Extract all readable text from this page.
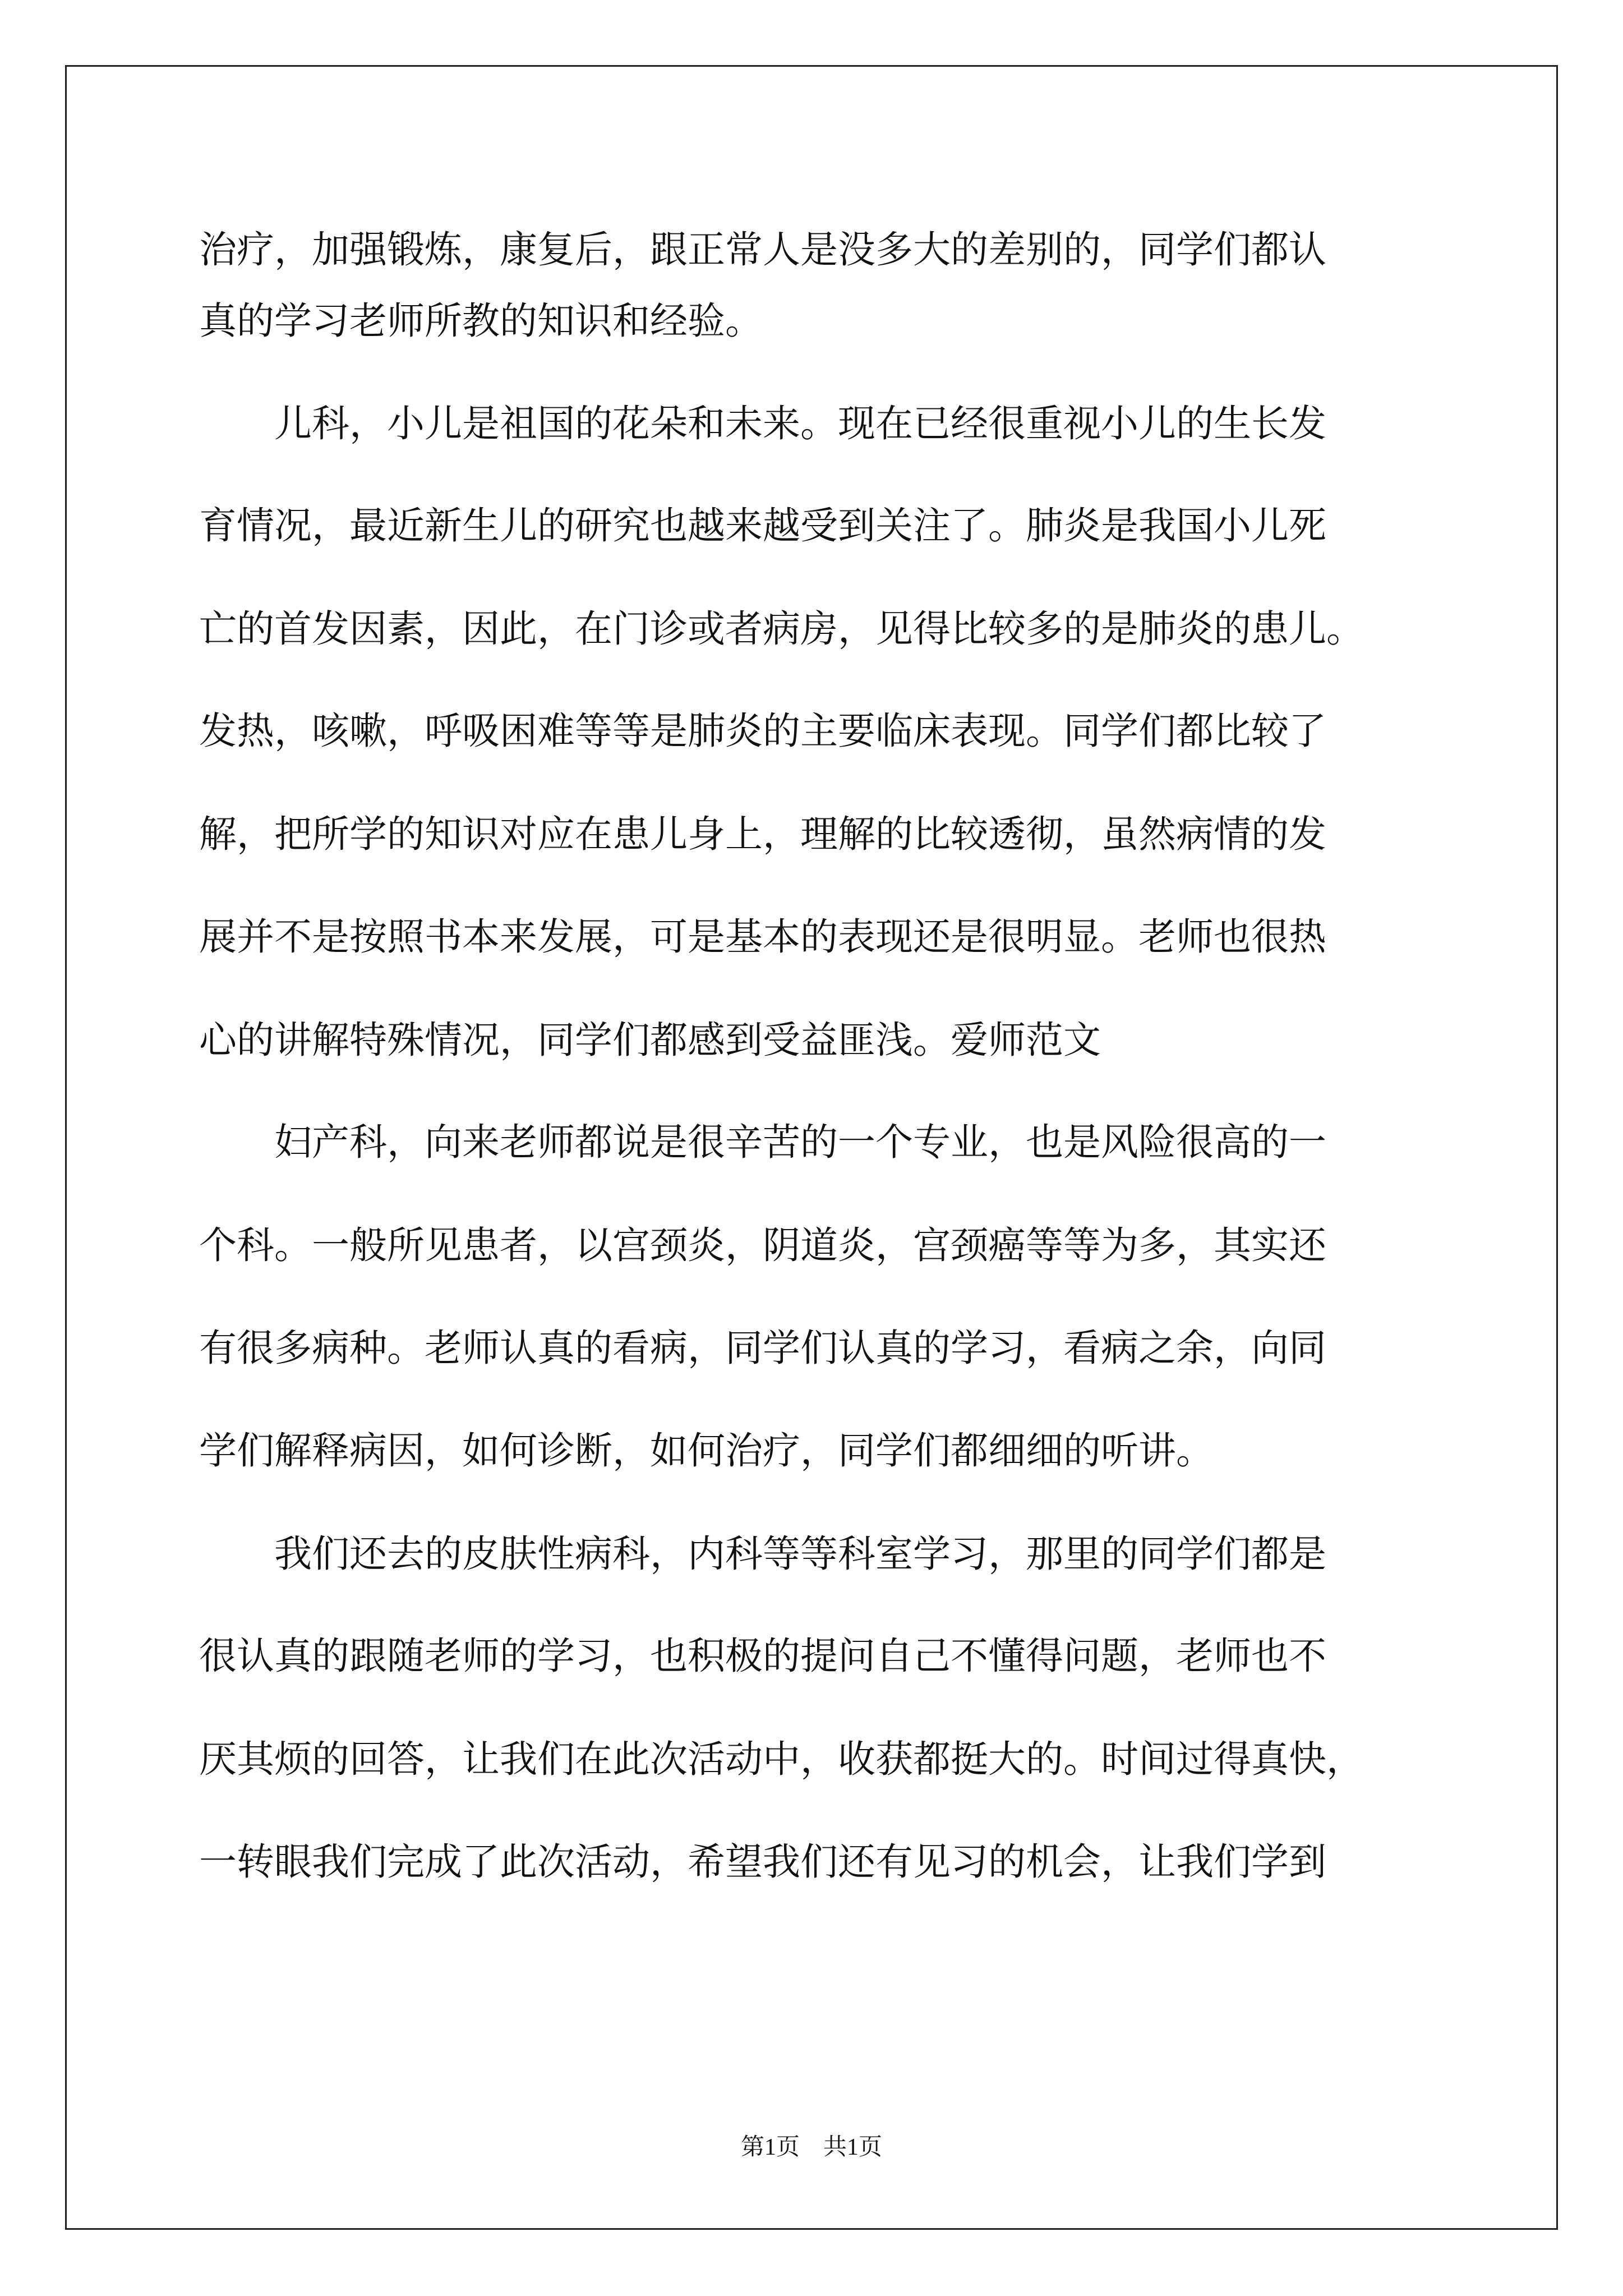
治疗，加强锻炼，康复后，跟正常人是没多大的差别的，同学们都认

真的学习老师所教的知识和经验。

　　儿科，小儿是祖国的花朵和未来。现在已经很重视小儿的生长发

育情况，最近新生儿的研究也越来越受到关注了。肺炎是我国小儿死

亡的首发因素，因此，在门诊或者病房，见得比较多的是肺炎的患儿。

发热，咳嗽，呼吸困难等等是肺炎的主要临床表现。同学们都比较了

解，把所学的知识对应在患儿身上，理解的比较透彻，虽然病情的发

展并不是按照书本来发展，可是基本的表现还是很明显。老师也很热

心的讲解特殊情况，同学们都感到受益匪浅。爱师范文

　　妇产科，向来老师都说是很辛苦的一个专业，也是风险很高的一

个科。一般所见患者，以宫颈炎，阴道炎，宫颈癌等等为多，其实还

有很多病种。老师认真的看病，同学们认真的学习，看病之余，向同

学们解释病因，如何诊断，如何治疗，同学们都细细的听讲。

　　我们还去的皮肤性病科，内科等等科室学习，那里的同学们都是

很认真的跟随老师的学习，也积极的提问自己不懂得问题，老师也不

厌其烦的回答，让我们在此次活动中，收获都挺大的。时间过得真快，

一转眼我们完成了此次活动，希望我们还有见习的机会，让我们学到

第1页　共1页
